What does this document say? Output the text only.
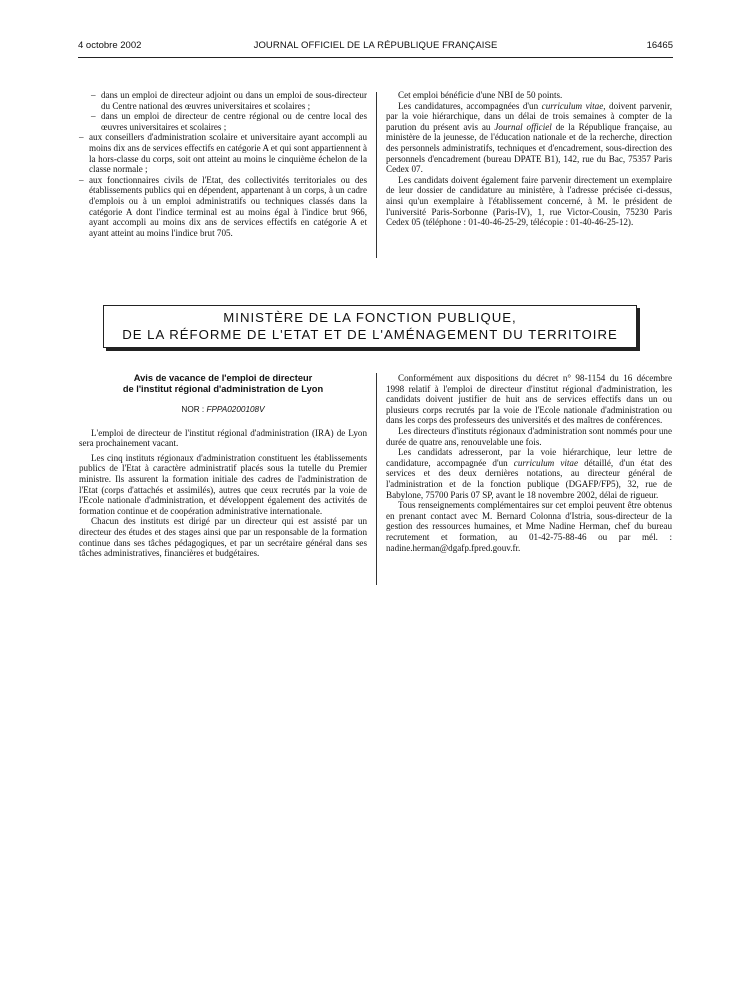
4 octobre 2002	JOURNAL OFFICIEL DE LA RÉPUBLIQUE FRANÇAISE	16465

– dans un emploi de directeur adjoint ou dans un emploi de sous-directeur du Centre national des œuvres universitaires et scolaires ;

– dans un emploi de directeur de centre régional ou de centre local des œuvres universitaires et scolaires ;

– aux conseillers d'administration scolaire et universitaire ayant accompli au moins dix ans de services effectifs en catégorie A et qui sont appartiennent à la hors-classe du corps, soit ont atteint au moins le cinquième échelon de la classe normale ;

– aux fonctionnaires civils de l'Etat, des collectivités territoriales ou des établissements publics qui en dépendent, appartenant à un corps, à un cadre d'emplois ou à un emploi administratifs ou techniques classés dans la catégorie A dont l'indice terminal est au moins égal à l'indice brut 966, ayant accompli au moins dix ans de services effectifs en catégorie A et ayant atteint au moins l'indice brut 705.

Cet emploi bénéficie d'une NBI de 50 points.

Les candidatures, accompagnées d'un curriculum vitae, doivent parvenir, par la voie hiérarchique, dans un délai de trois semaines à compter de la parution du présent avis au Journal officiel de la République française, au ministère de la jeunesse, de l'éducation nationale et de la recherche, direction des personnels administratifs, techniques et d'encadrement, sous-direction des personnels d'encadrement (bureau DPATE B1), 142, rue du Bac, 75357 Paris Cedex 07.

Les candidats doivent également faire parvenir directement un exemplaire de leur dossier de candidature au ministère, à l'adresse précisée ci-dessus, ainsi qu'un exemplaire à l'établissement concerné, à M. le président de l'université Paris-Sorbonne (Paris-IV), 1, rue Victor-Cousin, 75230 Paris Cedex 05 (téléphone : 01-40-46-25-29, télécopie : 01-40-46-25-12).

MINISTÈRE DE LA FONCTION PUBLIQUE,
DE LA RÉFORME DE L'ETAT ET DE L'AMÉNAGEMENT DU TERRITOIRE

Avis de vacance de l'emploi de directeur

de l'institut régional d'administration de Lyon

NOR : FPPA0200108V

L'emploi de directeur de l'institut régional d'administration (IRA) de Lyon sera prochainement vacant.

Les cinq instituts régionaux d'administration constituent les établissements publics de l'Etat à caractère administratif placés sous la tutelle du Premier ministre. Ils assurent la formation initiale des cadres de l'administration de l'Etat (corps d'attachés et assimilés), autres que ceux recrutés par la voie de l'Ecole nationale d'administration, et développent également des activités de formation continue et de coopération administrative internationale.

Chacun des instituts est dirigé par un directeur qui est assisté par un directeur des études et des stages ainsi que par un responsable de la formation continue dans ses tâches pédagogiques, et par un secrétaire général dans ses tâches administratives, financières et budgétaires.

Conformément aux dispositions du décret n° 98-1154 du 16 décembre 1998 relatif à l'emploi de directeur d'institut régional d'administration, les candidats doivent justifier de huit ans de services effectifs dans un ou plusieurs corps recrutés par la voie de l'Ecole nationale d'administration ou dans les corps des professeurs des universités et des maîtres de conférences.

Les directeurs d'instituts régionaux d'administration sont nommés pour une durée de quatre ans, renouvelable une fois.

Les candidats adresseront, par la voie hiérarchique, leur lettre de candidature, accompagnée d'un curriculum vitae détaillé, d'un état des services et des deux dernières notations, au directeur général de l'administration et de la fonction publique (DGAFP/FP5), 32, rue de Babylone, 75700 Paris 07 SP, avant le 18 novembre 2002, délai de rigueur.

Tous renseignements complémentaires sur cet emploi peuvent être obtenus en prenant contact avec M. Bernard Colonna d'Istria, sous-directeur de la gestion des ressources humaines, et Mme Nadine Herman, chef du bureau recrutement et formation, au 01-42-75-88-46 ou par mél. : nadine.herman@dgafp.fpred.gouv.fr.
